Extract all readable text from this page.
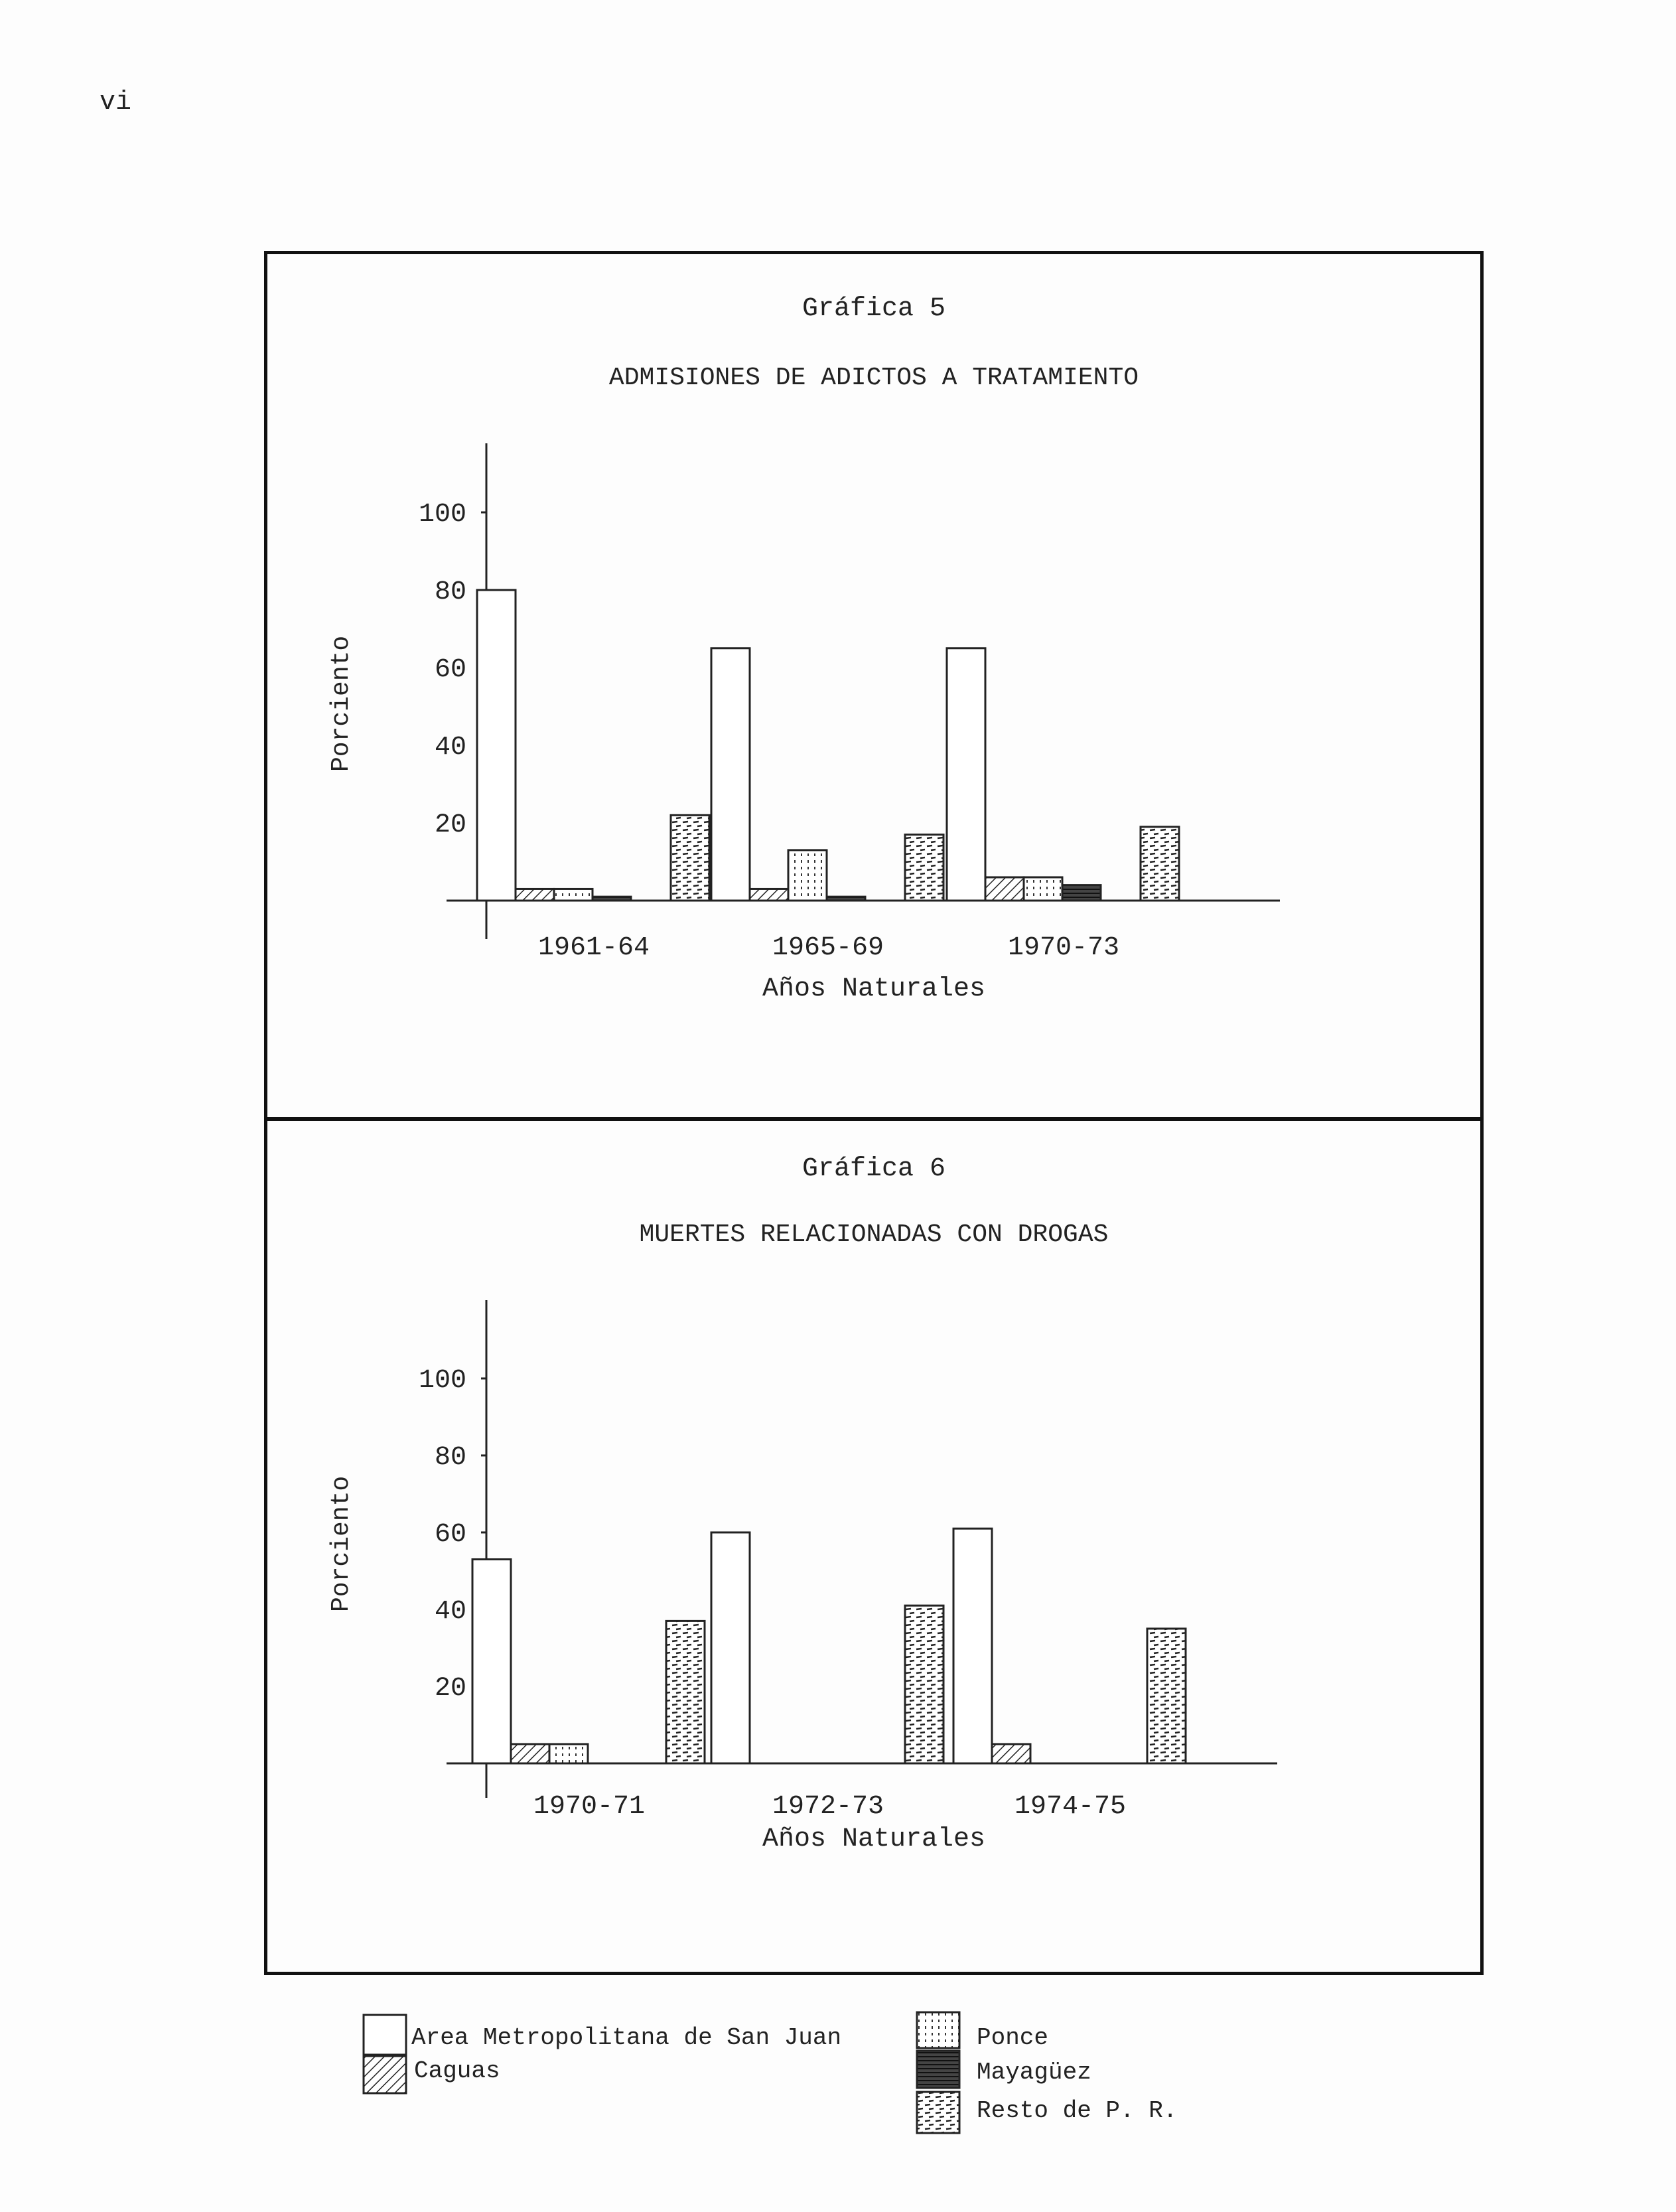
vi
Gráfica 5
ADMISIONES DE ADICTOS A TRATAMIENTO
Porciento
Años Naturales
20
40
60
80
100
1961-64	1965-69	1970-73
Gráfica 6
MUERTES RELACIONADAS CON DROGAS
Porciento
Años Naturales
20
40
60
80
100
1970-71	1972-73	1974-75
Area Metropolitana de San Juan
Caguas
Ponce
Mayagüez
Resto de P. R.
